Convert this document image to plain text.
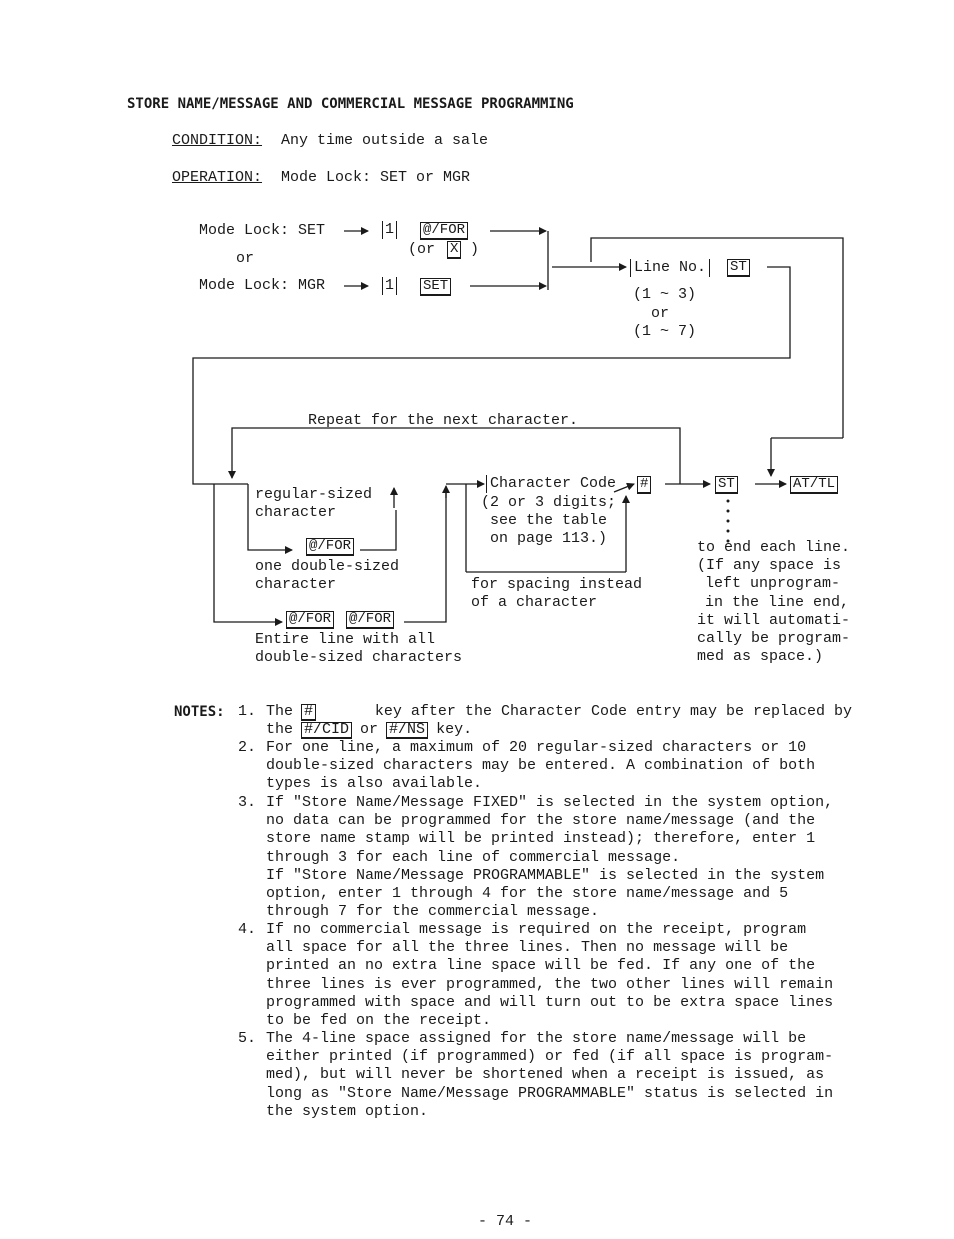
STORE NAME/MESSAGE AND COMMERCIAL MESSAGE PROGRAMMING
CONDITION: Any time outside a sale
OPERATION: Mode Lock: SET or MGR
Mode Lock: SET
or
Mode Lock: MGR
1 @/FOR
(or X )
1 SET
Line No. ST
(1 ~ 3)
or
(1 ~ 7)
Repeat for the next character.
regular-sized
character
@/FOR
one double-sized
character
@/FOR @/FOR
Entire line with all
double-sized characters
Character Code #
(2 or 3 digits;
see the table
on page 113.)
for spacing instead
of a character
ST	AT/TL
to end each line.
(If any space is
left unprogram-
in the line end,
it will automati-
cally be program-
med as space.)
NOTES: 1. The #	key after the Character Code entry may be replaced by
the #/CID or #/NS key.
2. For one line, a maximum of 20 regular-sized characters or 10
double-sized characters may be entered. A combination of both
types is also available.
3. If "Store Name/Message FIXED" is selected in the system option,
no data can be programmed for the store name/message (and the
store name stamp will be printed instead); therefore, enter 1
through 3 for each line of commercial message.
If "Store Name/Message PROGRAMMABLE" is selected in the system
option, enter 1 through 4 for the store name/message and 5
through 7 for the commercial message.
4. If no commercial message is required on the receipt, program
all space for all the three lines. Then no message will be
printed an no extra line space will be fed. If any one of the
three lines is ever programmed, the two other lines will remain
programmed with space and will turn out to be extra space lines
to be fed on the receipt.
5. The 4-line space assigned for the store name/message will be
either printed (if programmed) or fed (if all space is program-
med), but will never be shortened when a receipt is issued, as
long as "Store Name/Message PROGRAMMABLE" status is selected in
the system option.
- 74 -
